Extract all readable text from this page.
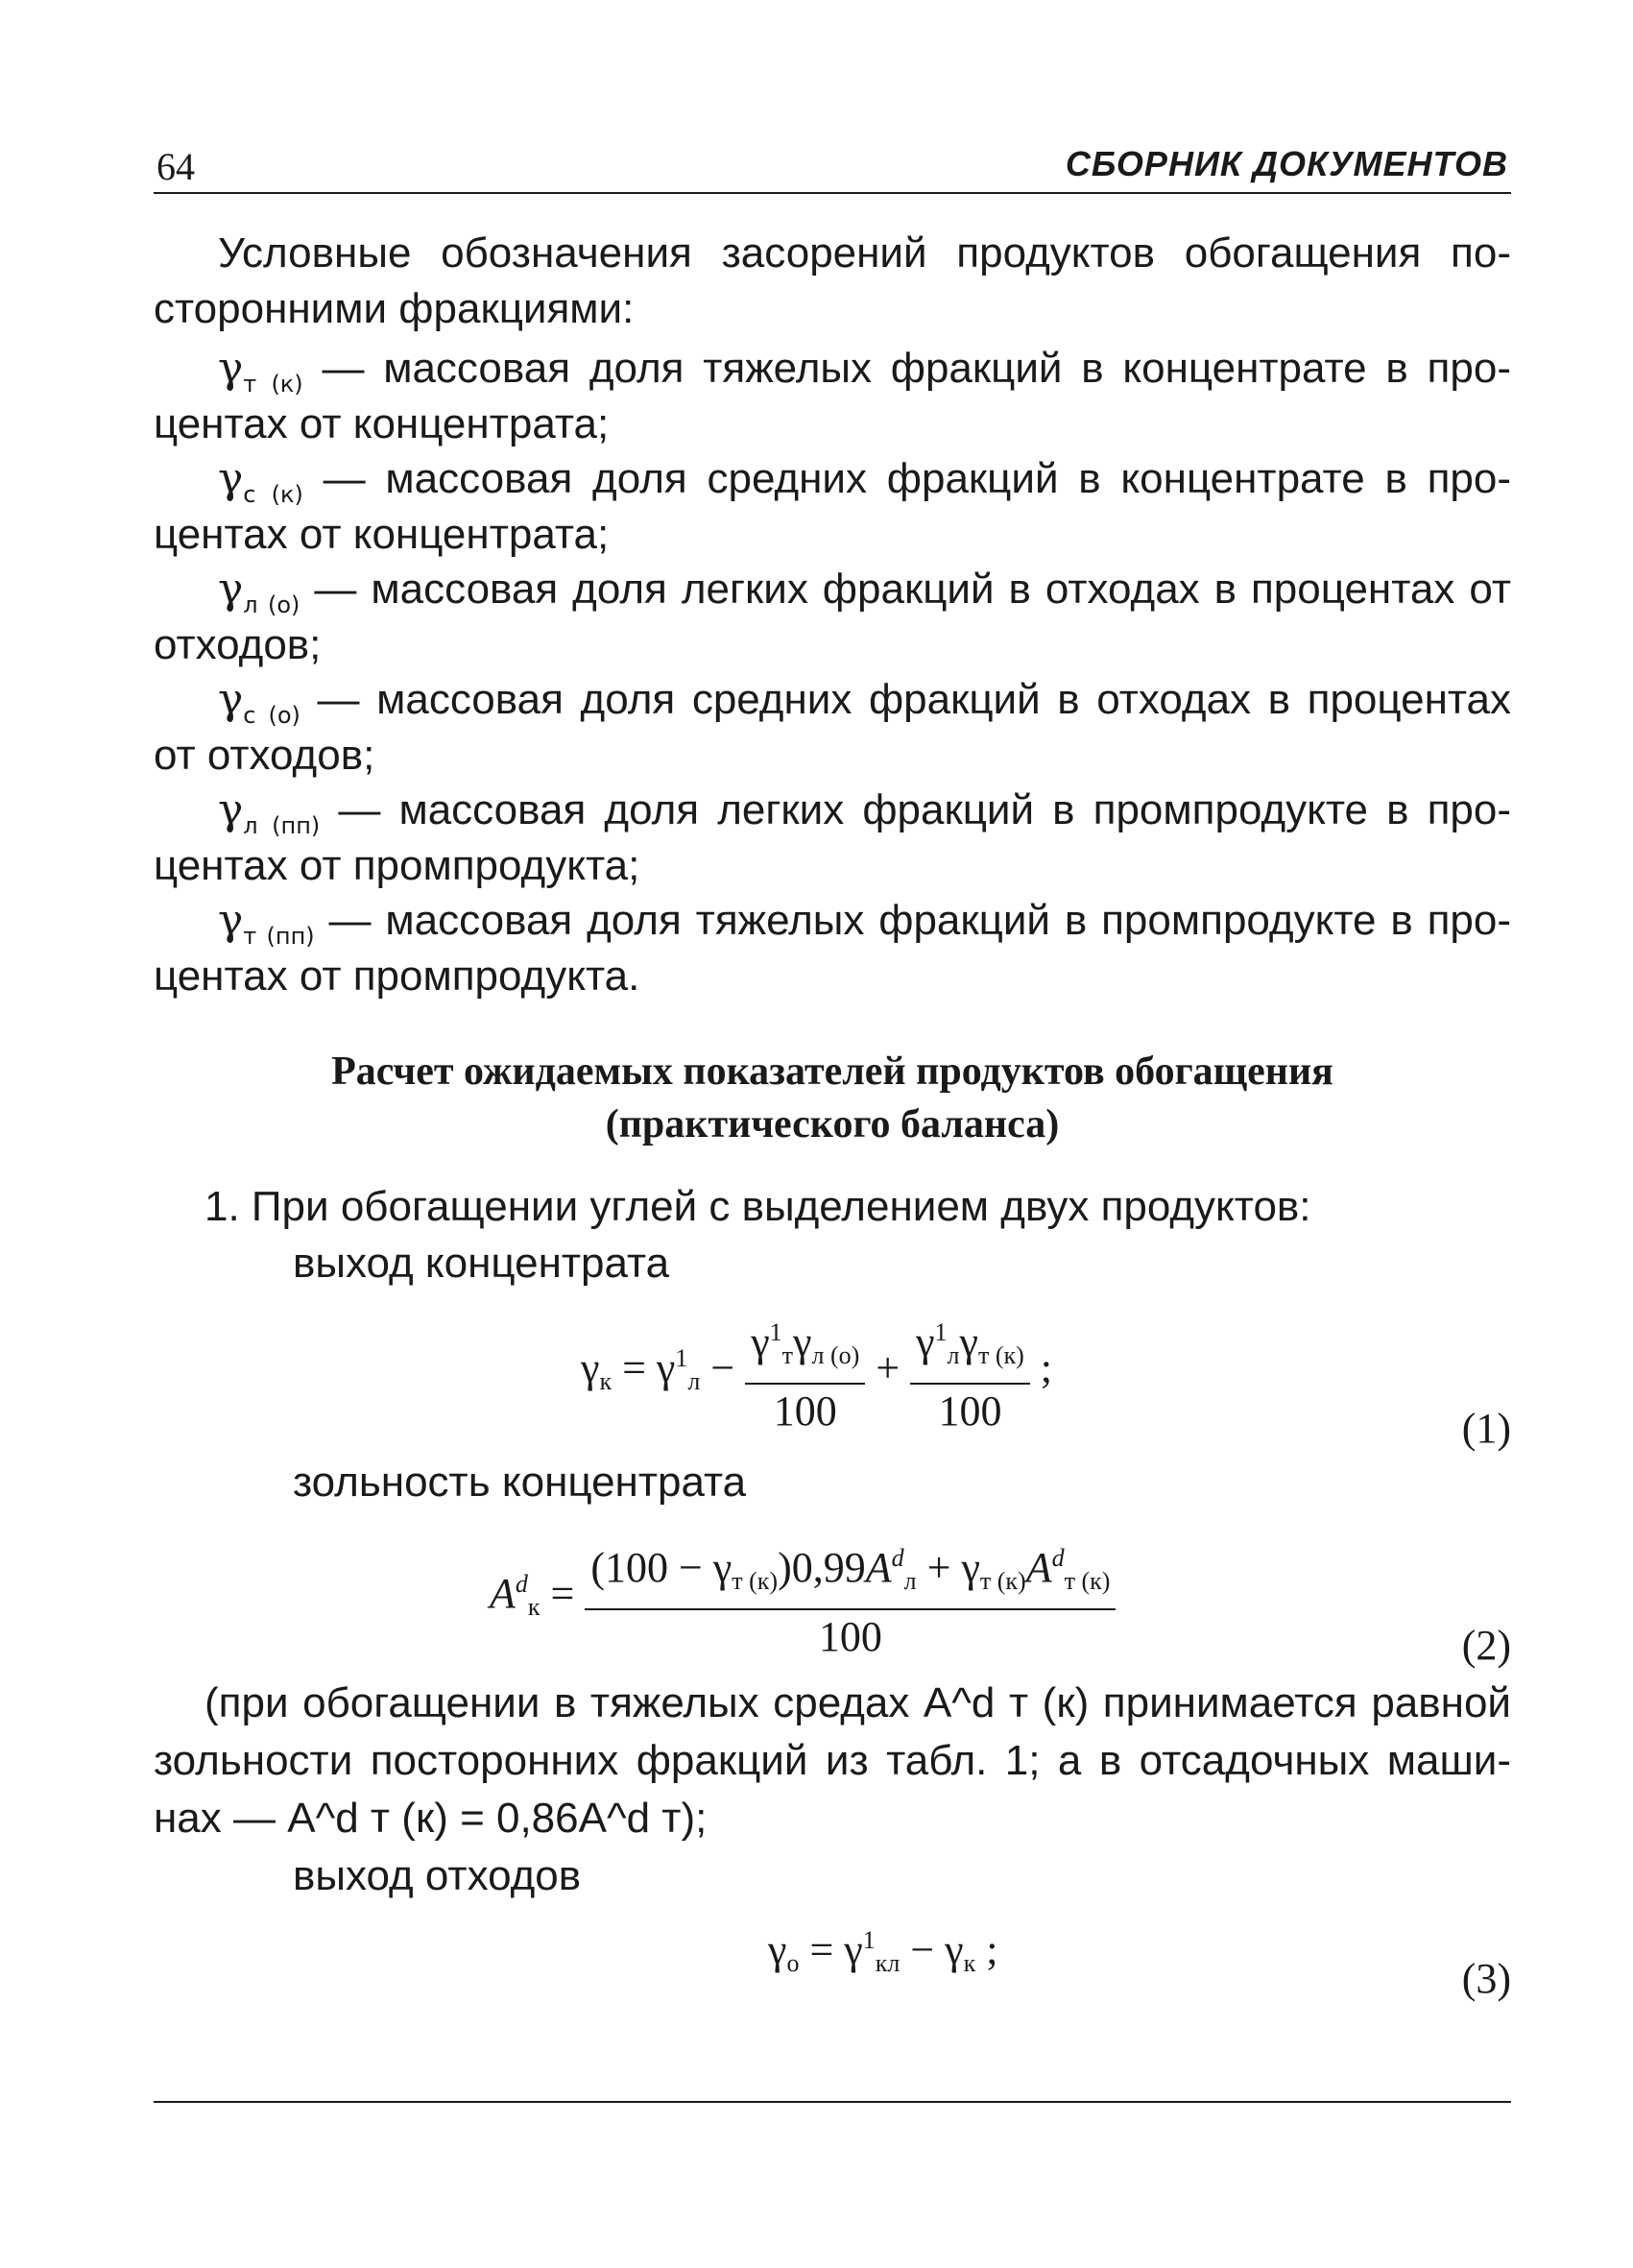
64	СБОРНИК ДОКУМЕНТОВ
Условные обозначения засорений продуктов обогащения по-
сторонними фракциями:
$\gamma_{т (к)}$ — массовая доля тяжелых фракций в концентрате в про-
центах от концентрата;
$\gamma_{с (к)}$ — массовая доля средних фракций в концентрате в про-
центах от концентрата;
$\gamma_{л (о)}$ — массовая доля легких фракций в отходах в процентах от
отходов;
$\gamma_{с (о)}$ — массовая доля средних фракций в отходах в процентах
от отходов;
$\gamma_{л (пп)}$ — массовая доля легких фракций в промпродукте в про-
центах от промпродукта;
$\gamma_{т (пп)}$ — массовая доля тяжелых фракций в промпродукте в про-
центах от промпродукта.
Расчет ожидаемых показателей продуктов обогащения
(практического баланса)
1. При обогащении углей с выделением двух продуктов:
выход концентрата
$\gamma к = \gamma^1л - \frac{\gamma^1т\gamma л (о)}{100} + \frac{\gamma^1л\gamma т (к)}{100}$ ;
(1)
зольность концентрата
$A^dк = \frac{(100 - \gamma т (к))0,99A^dл + \gamma т (к)A^dт (к)}{100}$	(2)
(при обогащении в тяжелых средах A^d т (к) принимается равной
зольности посторонних фракций из табл. 1; а в отсадочных маши-
нах — A^d т (к) = 0,86A^d т);
выход отходов
$\gamma о = \gamma^1кл - \gamma к$ ;
(3)
